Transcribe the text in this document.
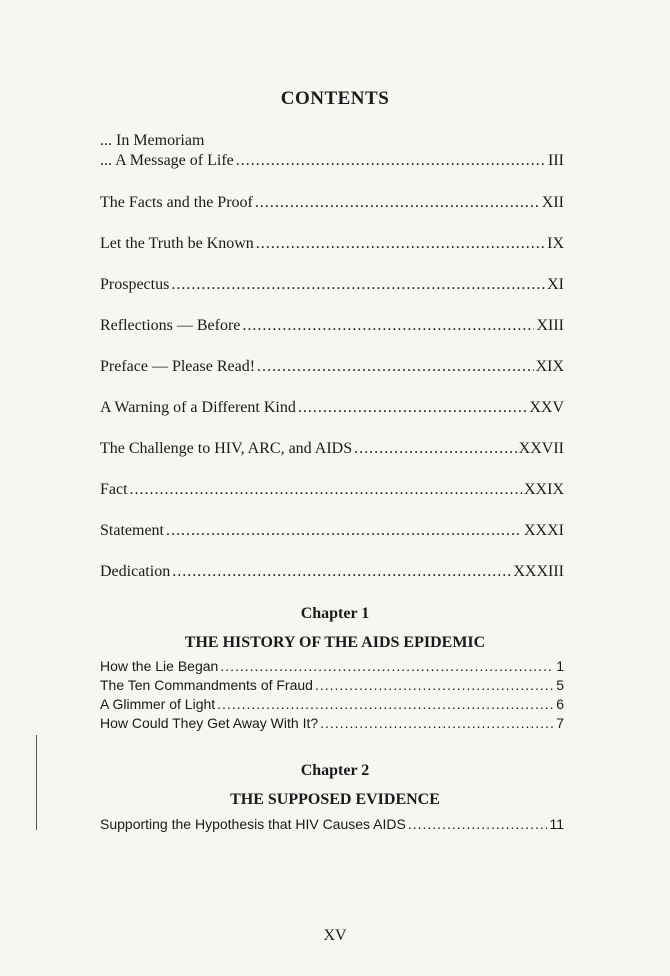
CONTENTS
... In Memoriam
... A Message of Life .....	III
The Facts and the Proof .....	XII
Let the Truth be Known .....	IX
Prospectus .....	XI
Reflections — Before .....	XIII
Preface — Please Read! .....	XIX
A Warning of a Different Kind .....	XXV
The Challenge to HIV, ARC, and AIDS .....	XXVII
Fact .....	XXIX
Statement .....	XXXI
Dedication .....	XXXIII
Chapter 1
THE HISTORY OF THE AIDS EPIDEMIC
How the Lie Began .....	1
The Ten Commandments of Fraud .....	5
A Glimmer of Light .....	6
How Could They Get Away With It? .....	7
Chapter 2
THE SUPPOSED EVIDENCE
Supporting the Hypothesis that HIV Causes AIDS .....	11
XV
